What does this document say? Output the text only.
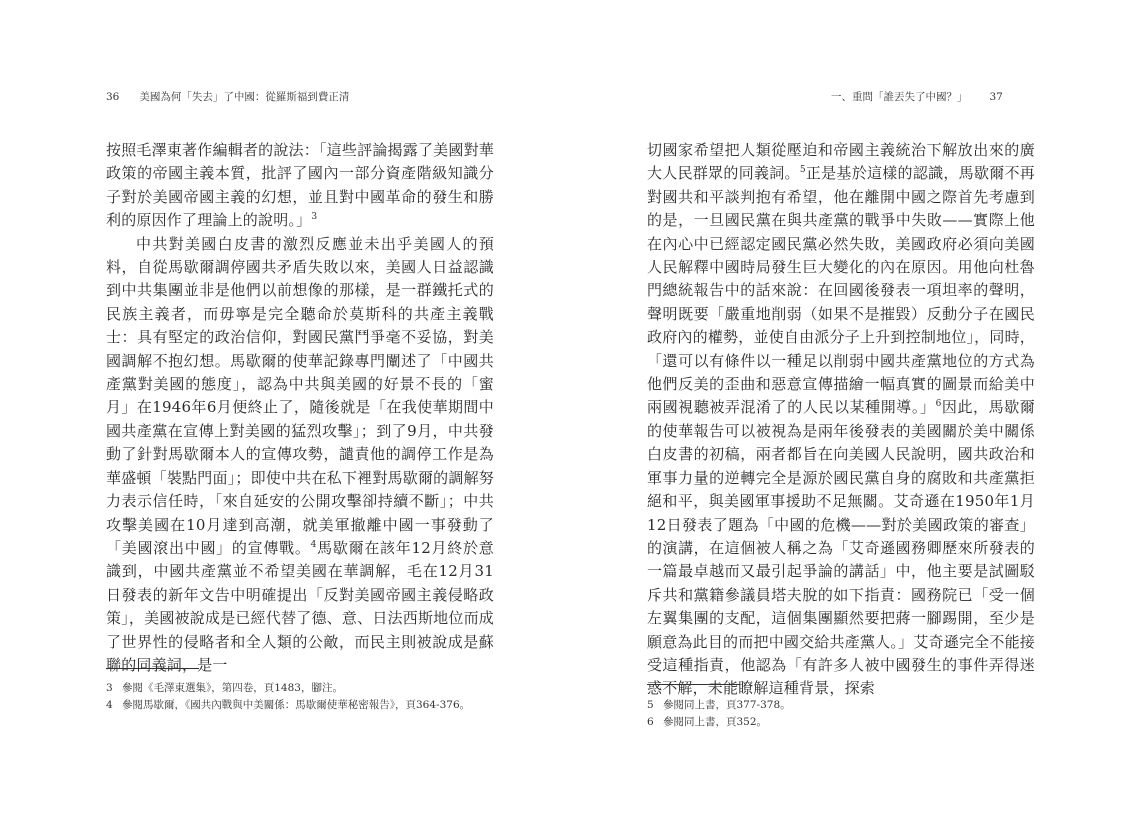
36 美國為何「失去」了中國：從羅斯福到費正清

按照毛澤東著作編輯者的說法：「這些評論揭露了美國對華政策的帝國主義本質，批評了國內一部分資產階級知識分子對於美國帝國主義的幻想，並且對中國革命的發生和勝利的原因作了理論上的說明。」$^3$

中共對美國白皮書的激烈反應並未出乎美國人的預料，自從馬歇爾調停國共矛盾失敗以來，美國人日益認識到中共集團並非是他們以前想像的那樣，是一群鐵托式的民族主義者，而毋寧是完全聽命於莫斯科的共產主義戰士：具有堅定的政治信仰，對國民黨鬥爭毫不妥協，對美國調解不抱幻想。馬歇爾的使華記錄專門闡述了「中國共產黨對美國的態度」，認為中共與美國的好景不長的「蜜月」在1946年6月便終止了，隨後就是「在我使華期間中國共產黨在宣傳上對美國的猛烈攻擊」；到了9月，中共發動了針對馬歇爾本人的宣傳攻勢，譴責他的調停工作是為華盛頓「裝點門面」；即使中共在私下裡對馬歇爾的調解努力表示信任時，「來自延安的公開攻擊卻持續不斷」；中共攻擊美國在10月達到高潮，就美軍撤離中國一事發動了「美國滾出中國」的宣傳戰。$^4$馬歇爾在該年12月終於意識到，中國共產黨並不希望美國在華調解，毛在12月31日發表的新年文告中明確提出「反對美國帝國主義侵略政策」，美國被說成是已經代替了德、意、日法西斯地位而成了世界性的侵略者和全人類的公敵，而民主則被說成是蘇聯的同義詞，是一

3 參閱《毛澤東選集》，第四卷，頁1483，腳注。
4 參閱馬歇爾，《國共內戰與中美關係：馬歇爾使華秘密報告》，頁364-376。
一、重問「誰丟失了中國？」 37

切國家希望把人類從壓迫和帝國主義統治下解放出來的廣大人民群眾的同義詞。$^5$正是基於這樣的認識，馬歇爾不再對國共和平談判抱有希望，他在離開中國之際首先考慮到的是，一旦國民黨在與共產黨的戰爭中失敗——實際上他在內心中已經認定國民黨必然失敗，美國政府必須向美國人民解釋中國時局發生巨大變化的內在原因。用他向杜魯門總統報告中的話來說：在回國後發表一項坦率的聲明，聲明既要「嚴重地削弱（如果不是摧毀）反動分子在國民政府內的權勢，並使自由派分子上升到控制地位」，同時，「還可以有條件以一種足以削弱中國共產黨地位的方式為他們反美的歪曲和惡意宣傳描繪一幅真實的圖景而給美中兩國視聽被弄混淆了的人民以某種開導。」$^6$因此，馬歇爾的使華報告可以被視為是兩年後發表的美國關於美中關係白皮書的初稿，兩者都旨在向美國人民說明，國共政治和軍事力量的逆轉完全是源於國民黨自身的腐敗和共產黨拒絕和平，與美國軍事援助不足無關。艾奇遜在1950年1月12日發表了題為「中國的危機——對於美國政策的審查」的演講，在這個被人稱之為「艾奇遜國務卿歷來所發表的一篇最卓越而又最引起爭論的講話」中，他主要是試圖駁斥共和黨籍參議員塔夫脫的如下指責：國務院已「受一個左翼集團的支配，這個集團顯然要把蔣一腳踢開，至少是願意為此目的而把中國交給共產黨人。」艾奇遜完全不能接受這種指責，他認為「有許多人被中國發生的事件弄得迷惑不解，未能瞭解這種背景，探索

5 參閱同上書，頁377-378。
6 參閱同上書，頁352。
